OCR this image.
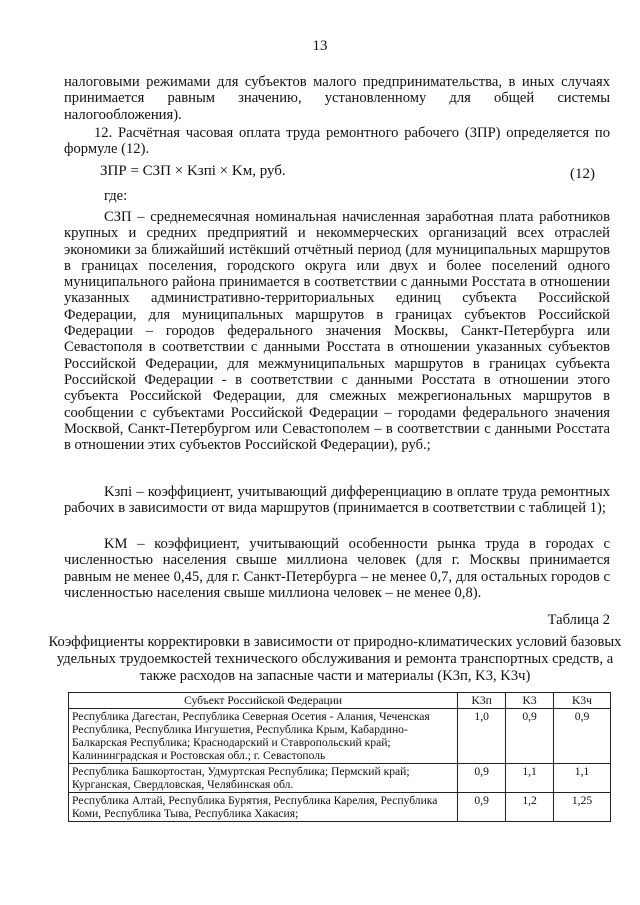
13

налоговыми режимами для субъектов малого предпринимательства, в иных случаях принимается равным значению, установленному для общей системы налогообложения).

12. Расчётная часовая оплата труда ремонтного рабочего (ЗПР) определяется по формуле (12).

ЗПР = СЗП × Kзпi × Kм, руб.	(12)

где:

СЗП – среднемесячная номинальная начисленная заработная плата работников крупных и средних предприятий и некоммерческих организаций всех отраслей экономики за ближайший истёкший отчётный период (для муниципальных маршрутов в границах поселения, городского округа или двух и более поселений одного муниципального района принимается в соответствии с данными Росстата в отношении указанных административно-территориальных единиц субъекта Российской Федерации, для муниципальных маршрутов в границах субъектов Российской Федерации – городов федерального значения Москвы, Санкт-Петербурга или Севастополя в соответствии с данными Росстата в отношении указанных субъектов Российской Федерации, для межмуниципальных маршрутов в границах субъекта Российской Федерации - в соответствии с данными Росстата в отношении этого субъекта Российской Федерации, для смежных межрегиональных маршрутов в сообщении с субъектами Российской Федерации – городами федерального значения Москвой, Санкт-Петербургом или Севастополем – в соответствии с данными Росстата в отношении этих субъектов Российской Федерации), руб.;

Kзпi – коэффициент, учитывающий дифференциацию в оплате труда ремонтных рабочих в зависимости от вида маршрутов (принимается в соответствии с таблицей 1);

KМ – коэффициент, учитывающий особенности рынка труда в городах с численностью населения свыше миллиона человек (для г. Москвы принимается равным не менее 0,45, для г. Санкт-Петербурга – не менее 0,7, для остальных городов с численностью населения свыше миллиона человек – не менее 0,8).

Таблица 2
Коэффициенты корректировки в зависимости от природно-климатических условий базовых удельных трудоемкостей технического обслуживания и ремонта транспортных средств, а также расходов на запасные части и материалы (K3п, K3, K3ч)
Субъект Российской Федерации	K3п	K3	K3ч
Республика Дагестан, Республика Северная Осетия - Алания, Чеченская Республика, Республика Ингушетия, Республика Крым, Кабардино-Балкарская Республика; Краснодарский и Ставропольский край; Калининградская и Ростовская обл.; г. Севастополь	1,0	0,9	0,9
Республика Башкортостан, Удмуртская Республика; Пермский край; Курганская, Свердловская, Челябинская обл.	0,9	1,1	1,1
Республика Алтай, Республика Бурятия, Республика Карелия, Республика Коми, Республика Тыва, Республика Хакасия;	0,9	1,2	1,25
